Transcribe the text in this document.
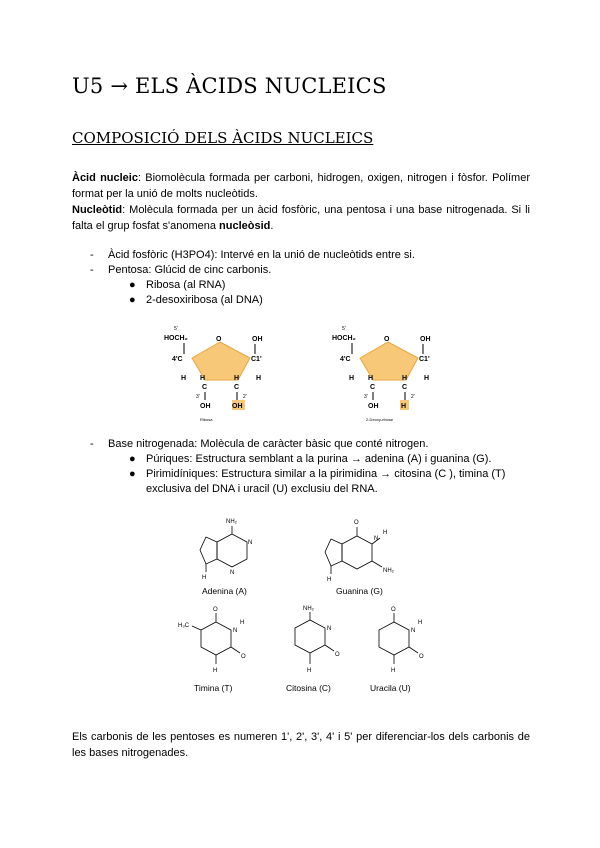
U5 → ELS ÀCIDS NUCLEICS
COMPOSICIÓ DELS ÀCIDS NUCLEICS

Àcid nucleic: Biomolècula formada per carboni, hidrogen, oxigen, nitrogen i fòsfor. Polímer format per la unió de molts nucleòtids.
Nucleòtid: Molècula formada per un àcid fosfòric, una pentosa i una base nitrogenada. Si li falta el grup fosfat s'anomena nucleòsid.

- Àcid fosfòric (H3PO4): Intervé en la unió de nucleòtids entre si.
- Pentosa: Glúcid de cinc carbonis.
● Ribosa (al RNA)
● 2-desoxiribosa (al DNA)
5'
HOCH₂	O	OH
4'C	C1'
H	H
H	H
C	C
3'	2'
OH	OH
Ribosa
5'
HOCH₂	O	OH
4'C	C1'
H	H
H	H
C	C
3'	2'
OH	H
2-Deoxy-ribose
- Base nitrogenada: Molècula de caràcter bàsic que conté nitrogen.
● Púriques: Estructura semblant a la purina → adenina (A) i guanina (G).
● Pirimidíniques: Estructura similar a la pirimidina → citosina (C ), timina (T)
exclusiva del DNA i uracil (U) exclusiu del RNA.
NH₂
N
N
H
O
N
H
NH₂
H
O
N
H
O
H₃C
H
NH₂
N
O
H
O
N
H
O
H
Adenina (A)	Guanina (G)
Timina (T)	Citosina (C)	Uracila (U)

Els carbonis de les pentoses es numeren 1', 2', 3', 4' i 5' per diferenciar-los dels carbonis de les bases nitrogenades.
